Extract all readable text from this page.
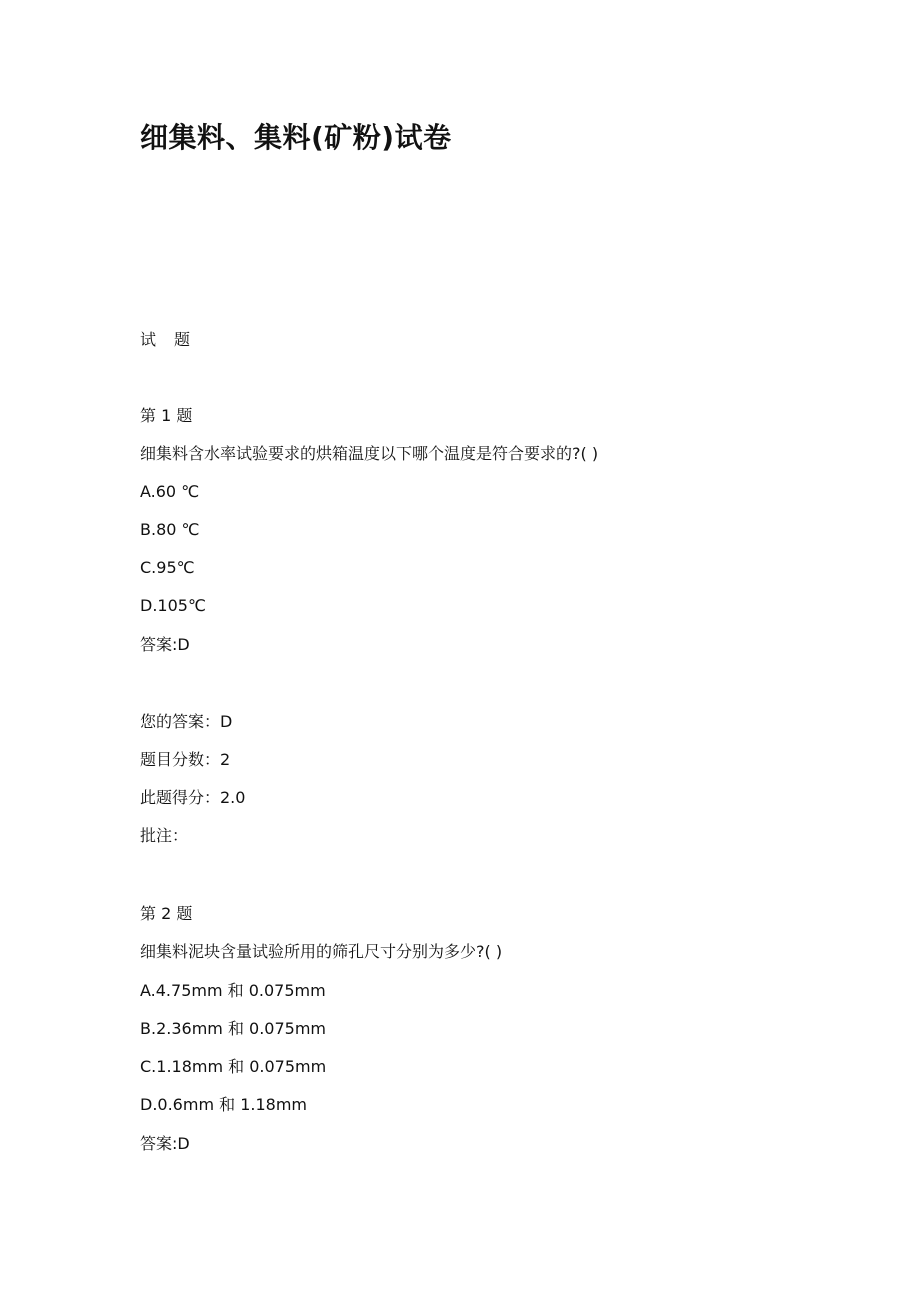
细集料、集料(矿粉)试卷
试题
第 1 题
细集料含水率试验要求的烘箱温度以下哪个温度是符合要求的?( )
A.60 ℃
B.80 ℃
C.95℃
D.105℃
答案:D
您的答案：D
题目分数：2
此题得分：2.0
批注：
第 2 题
细集料泥块含量试验所用的筛孔尺寸分别为多少?( )
A.4.75mm 和 0.075mm
B.2.36mm 和 0.075mm
C.1.18mm 和 0.075mm
D.0.6mm 和 1.18mm
答案:D
